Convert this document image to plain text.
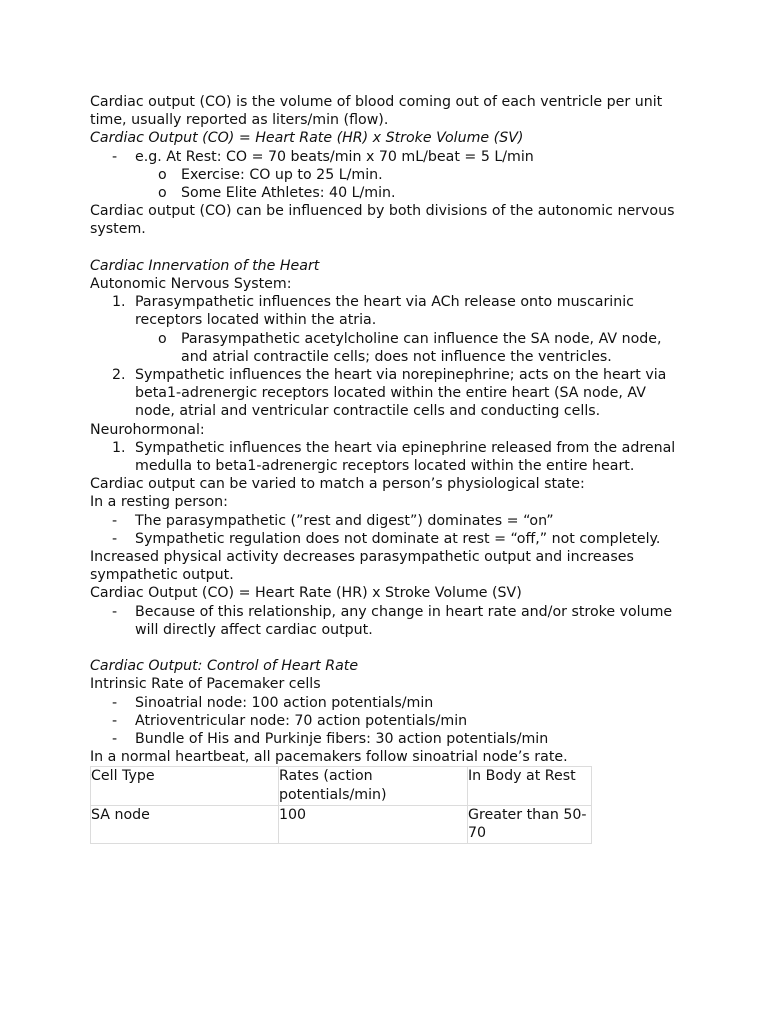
Cardiac output (CO) is the volume of blood coming out of each ventricle per unit time, usually reported as liters/min (flow).

Cardiac Output (CO) = Heart Rate (HR) x Stroke Volume (SV)

- e.g. At Rest: CO = 70 beats/min x 70 mL/beat = 5 L/min
o Exercise: CO up to 25 L/min.
o Some Elite Athletes: 40 L/min.

Cardiac output (CO) can be influenced by both divisions of the autonomic nervous system.

Cardiac Innervation of the Heart

Autonomic Nervous System:

1. Parasympathetic influences the heart via ACh release onto muscarinic receptors located within the atria.
o Parasympathetic acetylcholine can influence the SA node, AV node, and atrial contractile cells; does not influence the ventricles.
2. Sympathetic influences the heart via norepinephrine; acts on the heart via beta1-adrenergic receptors located within the entire heart (SA node, AV node, atrial and ventricular contractile cells and conducting cells.

Neurohormonal:

1. Sympathetic influences the heart via epinephrine released from the adrenal medulla to beta1-adrenergic receptors located within the entire heart.

Cardiac output can be varied to match a person’s physiological state:

In a resting person:

- The parasympathetic (”rest and digest”) dominates = “on”
- Sympathetic regulation does not dominate at rest = “off,” not completely.

Increased physical activity decreases parasympathetic output and increases sympathetic output.

Cardiac Output (CO) = Heart Rate (HR) x Stroke Volume (SV)

- Because of this relationship, any change in heart rate and/or stroke volume will directly affect cardiac output.

Cardiac Output: Control of Heart Rate

Intrinsic Rate of Pacemaker cells

- Sinoatrial node: 100 action potentials/min
- Atrioventricular node: 70 action potentials/min
- Bundle of His and Purkinje fibers: 30 action potentials/min

In a normal heartbeat, all pacemakers follow sinoatrial node’s rate.

Cell Type	Rates (action potentials/min)	In Body at Rest
SA node	100	Greater than 50-70
